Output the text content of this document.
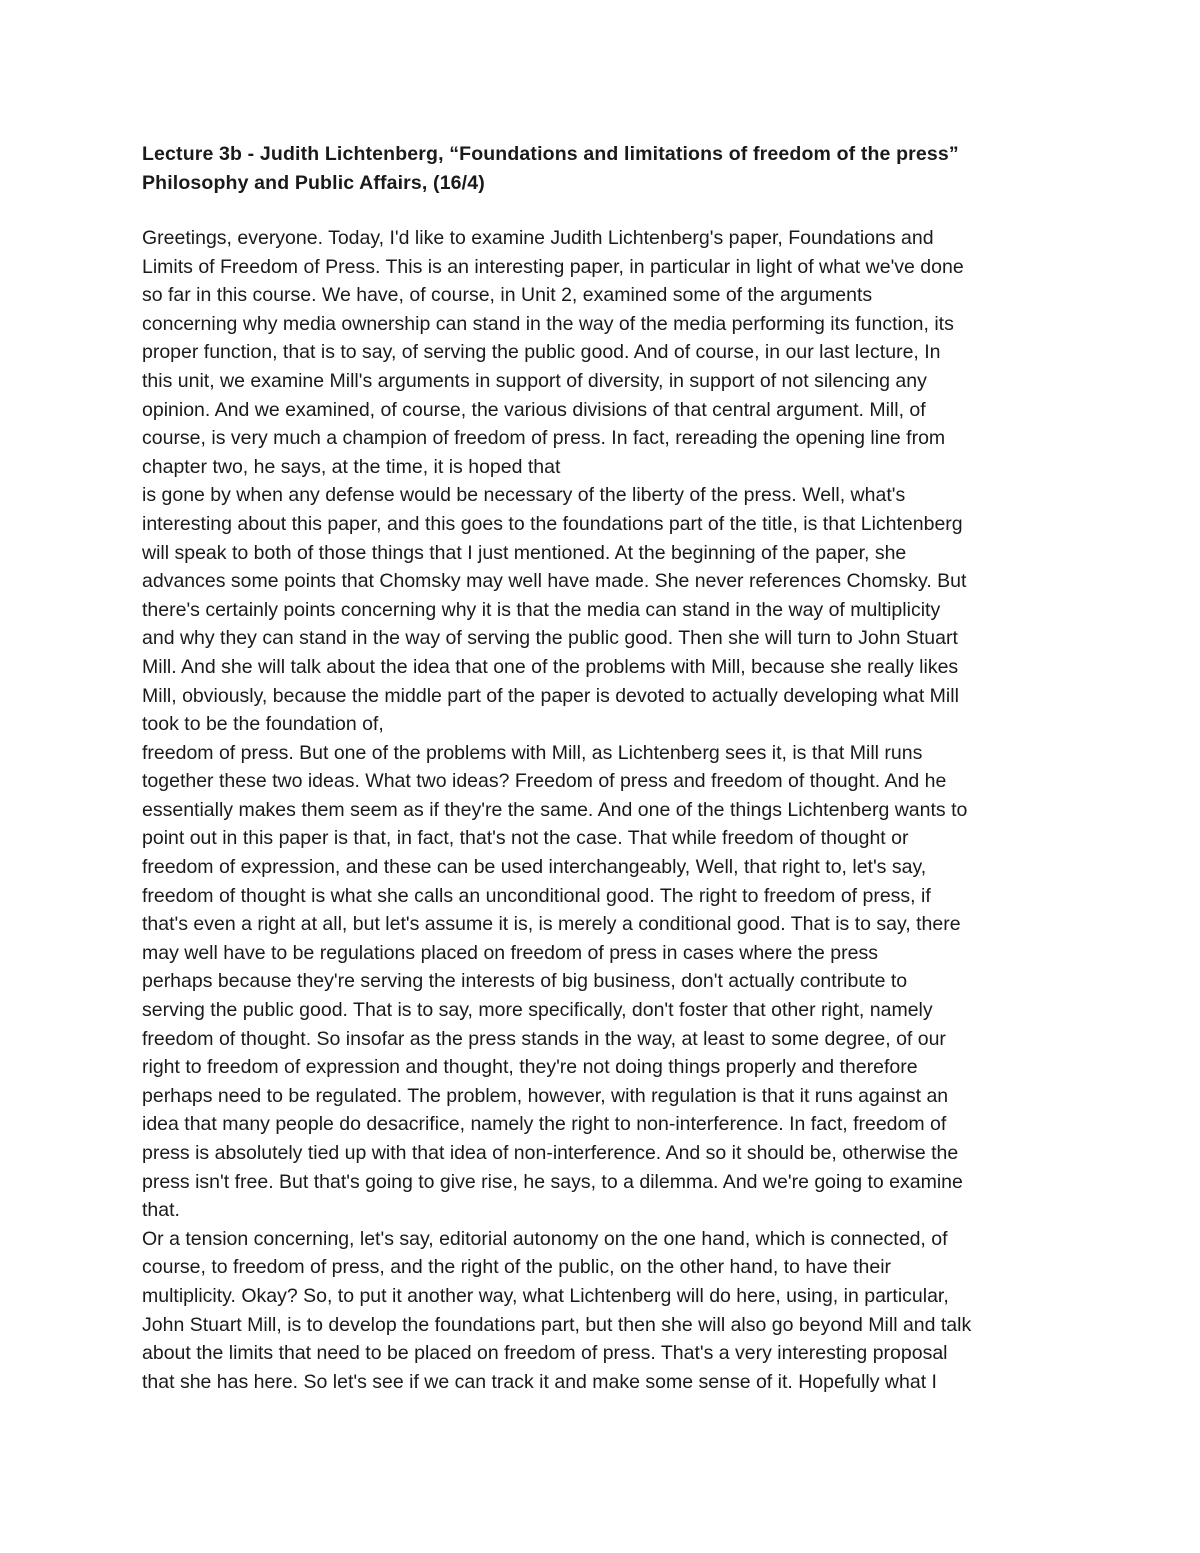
Lecture 3b - Judith Lichtenberg, “Foundations and limitations of freedom of the press”
Philosophy and Public Affairs, (16/4)
Greetings, everyone. Today, I'd like to examine Judith Lichtenberg's paper, Foundations and
Limits of Freedom of Press. This is an interesting paper, in particular in light of what we've done
so far in this course. We have, of course, in Unit 2, examined some of the arguments
concerning why media ownership can stand in the way of the media performing its function, its
proper function, that is to say, of serving the public good. And of course, in our last lecture, In
this unit, we examine Mill's arguments in support of diversity, in support of not silencing any
opinion. And we examined, of course, the various divisions of that central argument. Mill, of
course, is very much a champion of freedom of press. In fact, rereading the opening line from
chapter two, he says, at the time, it is hoped that
is gone by when any defense would be necessary of the liberty of the press. Well, what's
interesting about this paper, and this goes to the foundations part of the title, is that Lichtenberg
will speak to both of those things that I just mentioned. At the beginning of the paper, she
advances some points that Chomsky may well have made. She never references Chomsky. But
there's certainly points concerning why it is that the media can stand in the way of multiplicity
and why they can stand in the way of serving the public good. Then she will turn to John Stuart
Mill. And she will talk about the idea that one of the problems with Mill, because she really likes
Mill, obviously, because the middle part of the paper is devoted to actually developing what Mill
took to be the foundation of,
freedom of press. But one of the problems with Mill, as Lichtenberg sees it, is that Mill runs
together these two ideas. What two ideas? Freedom of press and freedom of thought. And he
essentially makes them seem as if they're the same. And one of the things Lichtenberg wants to
point out in this paper is that, in fact, that's not the case. That while freedom of thought or
freedom of expression, and these can be used interchangeably, Well, that right to, let's say,
freedom of thought is what she calls an unconditional good. The right to freedom of press, if
that's even a right at all, but let's assume it is, is merely a conditional good. That is to say, there
may well have to be regulations placed on freedom of press in cases where the press
perhaps because they're serving the interests of big business, don't actually contribute to
serving the public good. That is to say, more specifically, don't foster that other right, namely
freedom of thought. So insofar as the press stands in the way, at least to some degree, of our
right to freedom of expression and thought, they're not doing things properly and therefore
perhaps need to be regulated. The problem, however, with regulation is that it runs against an
idea that many people do desacrifice, namely the right to non-interference. In fact, freedom of
press is absolutely tied up with that idea of non-interference. And so it should be, otherwise the
press isn't free. But that's going to give rise, he says, to a dilemma. And we're going to examine
that.
Or a tension concerning, let's say, editorial autonomy on the one hand, which is connected, of
course, to freedom of press, and the right of the public, on the other hand, to have their
multiplicity. Okay? So, to put it another way, what Lichtenberg will do here, using, in particular,
John Stuart Mill, is to develop the foundations part, but then she will also go beyond Mill and talk
about the limits that need to be placed on freedom of press. That's a very interesting proposal
that she has here. So let's see if we can track it and make some sense of it. Hopefully what I
